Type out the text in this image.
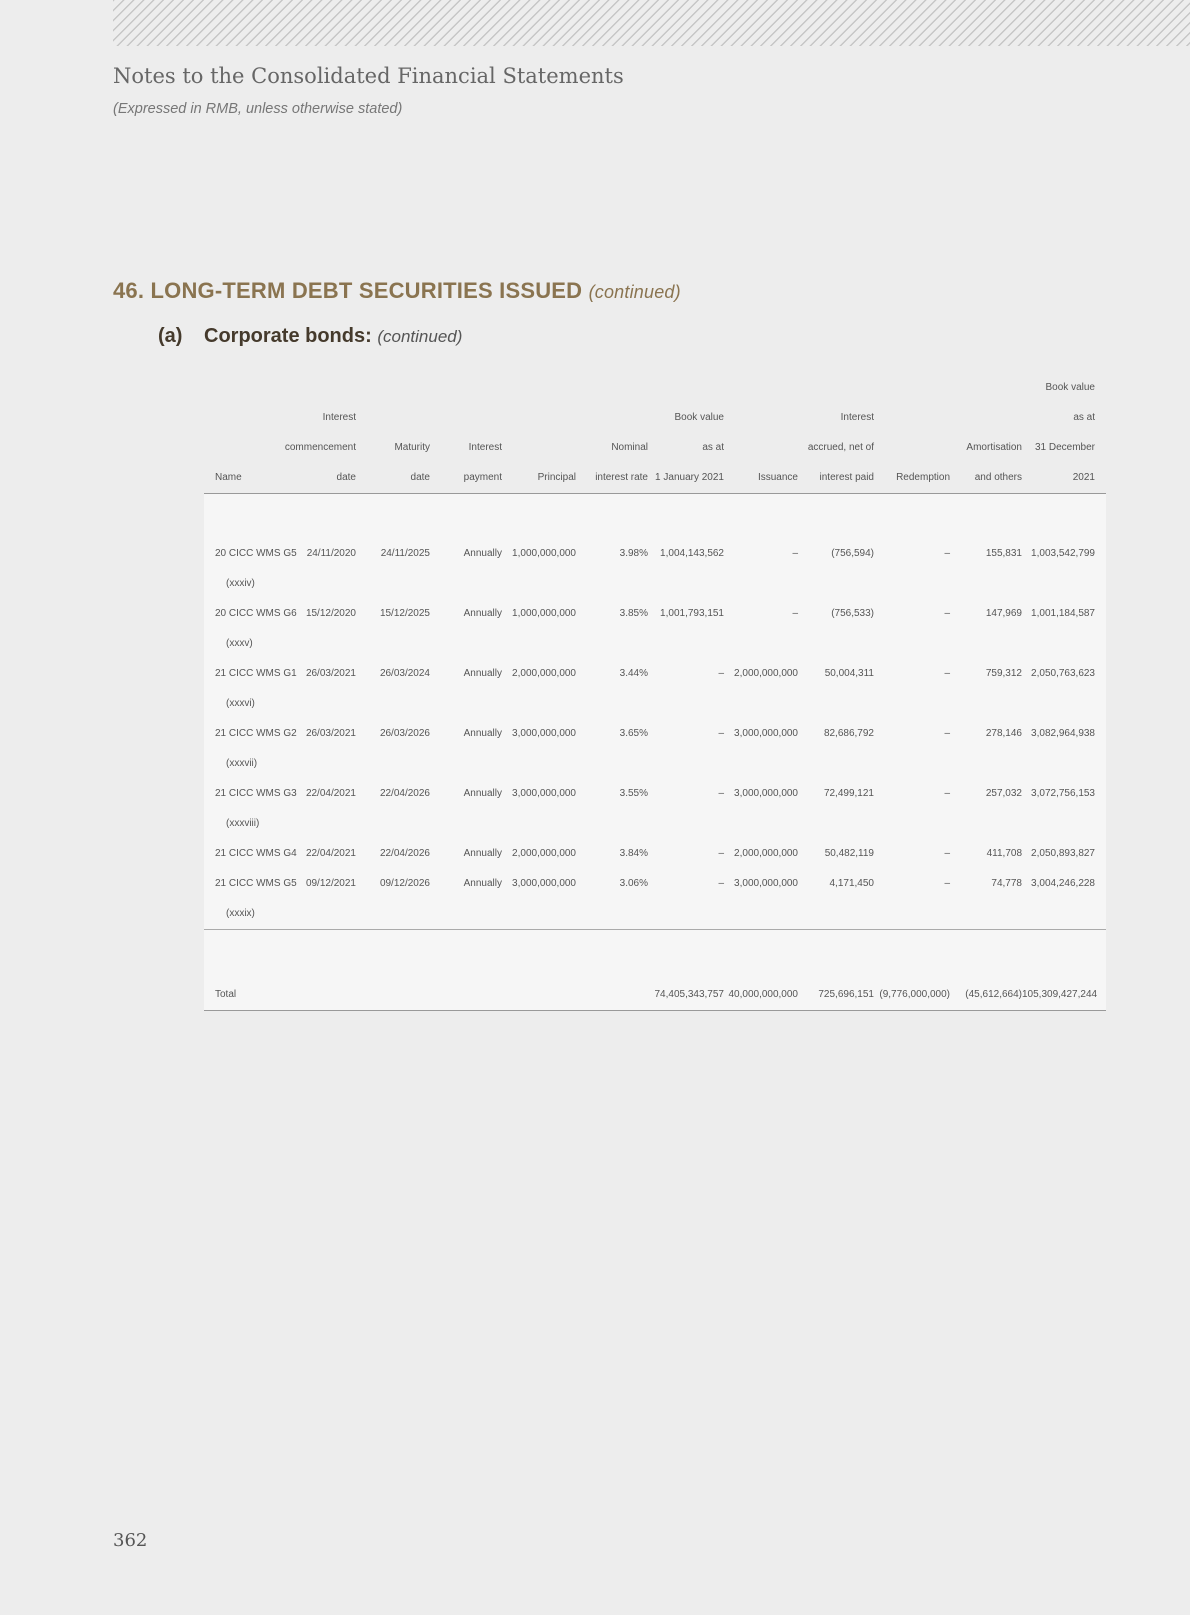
Notes to the Consolidated Financial Statements
(Expressed in RMB, unless otherwise stated)
46. LONG-TERM DEBT SECURITIES ISSUED (continued)
(a) Corporate bonds: (continued)
											Book value
	Interest					Book value		Interest			as at
	commencement	Maturity	Interest		Nominal	as at		accrued, net of		Amortisation	31 December
Name	date	date	payment	Principal	interest rate	1 January 2021	Issuance	interest paid	Redemption	and others	2021

20 CICC WMS G5	24/11/2020	24/11/2025	Annually	1,000,000,000	3.98%	1,004,143,562	–	(756,594)	–	155,831	1,003,542,799
(xxxiv)											
20 CICC WMS G6	15/12/2020	15/12/2025	Annually	1,000,000,000	3.85%	1,001,793,151	–	(756,533)	–	147,969	1,001,184,587
(xxxv)											
21 CICC WMS G1	26/03/2021	26/03/2024	Annually	2,000,000,000	3.44%	–	2,000,000,000	50,004,311	–	759,312	2,050,763,623
(xxxvi)											
21 CICC WMS G2	26/03/2021	26/03/2026	Annually	3,000,000,000	3.65%	–	3,000,000,000	82,686,792	–	278,146	3,082,964,938
(xxxvii)											
21 CICC WMS G3	22/04/2021	22/04/2026	Annually	3,000,000,000	3.55%	–	3,000,000,000	72,499,121	–	257,032	3,072,756,153
(xxxviii)											
21 CICC WMS G4	22/04/2021	22/04/2026	Annually	2,000,000,000	3.84%	–	2,000,000,000	50,482,119	–	411,708	2,050,893,827
21 CICC WMS G5	09/12/2021	09/12/2026	Annually	3,000,000,000	3.06%	–	3,000,000,000	4,171,450	–	74,778	3,004,246,228
(xxxix)											

Total						74,405,343,757	40,000,000,000	725,696,151	(9,776,000,000)	(45,612,664)	105,309,427,244
362
